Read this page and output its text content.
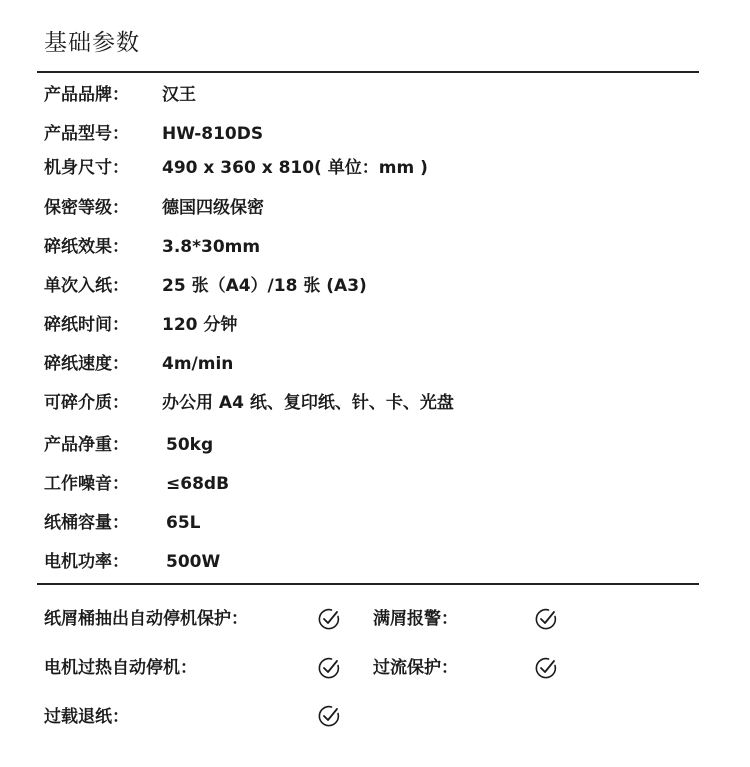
基础参数
产品品牌： 汉王
产品型号： HW-810DS
机身尺寸： 490 x 360 x 810( 单位：mm )
保密等级： 德国四级保密
碎纸效果： 3.8*30mm
单次入纸： 25 张（A4）/18 张 (A3)
碎纸时间： 120 分钟
碎纸速度： 4m/min
可碎介质： 办公用 A4 纸、复印纸、针、卡、光盘
产品净重： 50kg
工作噪音： ≤68dB
纸桶容量： 65L
电机功率： 500W
纸屑桶抽出自动停机保护：	满屑报警：
电机过热自动停机：	过流保护：
过载退纸：
